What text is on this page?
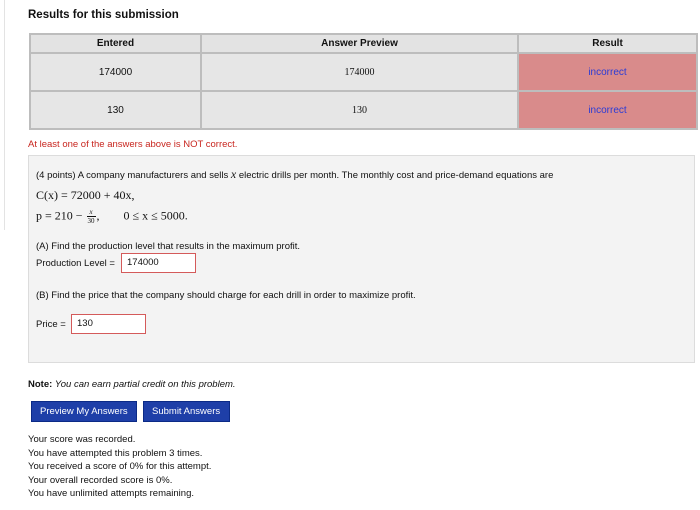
Results for this submission
Entered	Answer Preview	Result
174000	174000	incorrect
130	130	incorrect
At least one of the answers above is NOT correct.
(4 points) A company manufacturers and sells x electric drills per month. The monthly cost and price-demand equations are
C(x) = 72000 + 40x,
$p = 210 - \frac{x}{30}$ , 0 ≤ x ≤ 5000.
(A) Find the production level that results in the maximum profit.
Production Level =	174000
(B) Find the price that the company should charge for each drill in order to maximize profit.
Price =	130
Note: You can earn partial credit on this problem.
Preview My Answers	Submit Answers
Your score was recorded.
You have attempted this problem 3 times.
You received a score of 0% for this attempt.
Your overall recorded score is 0%.
You have unlimited attempts remaining.
